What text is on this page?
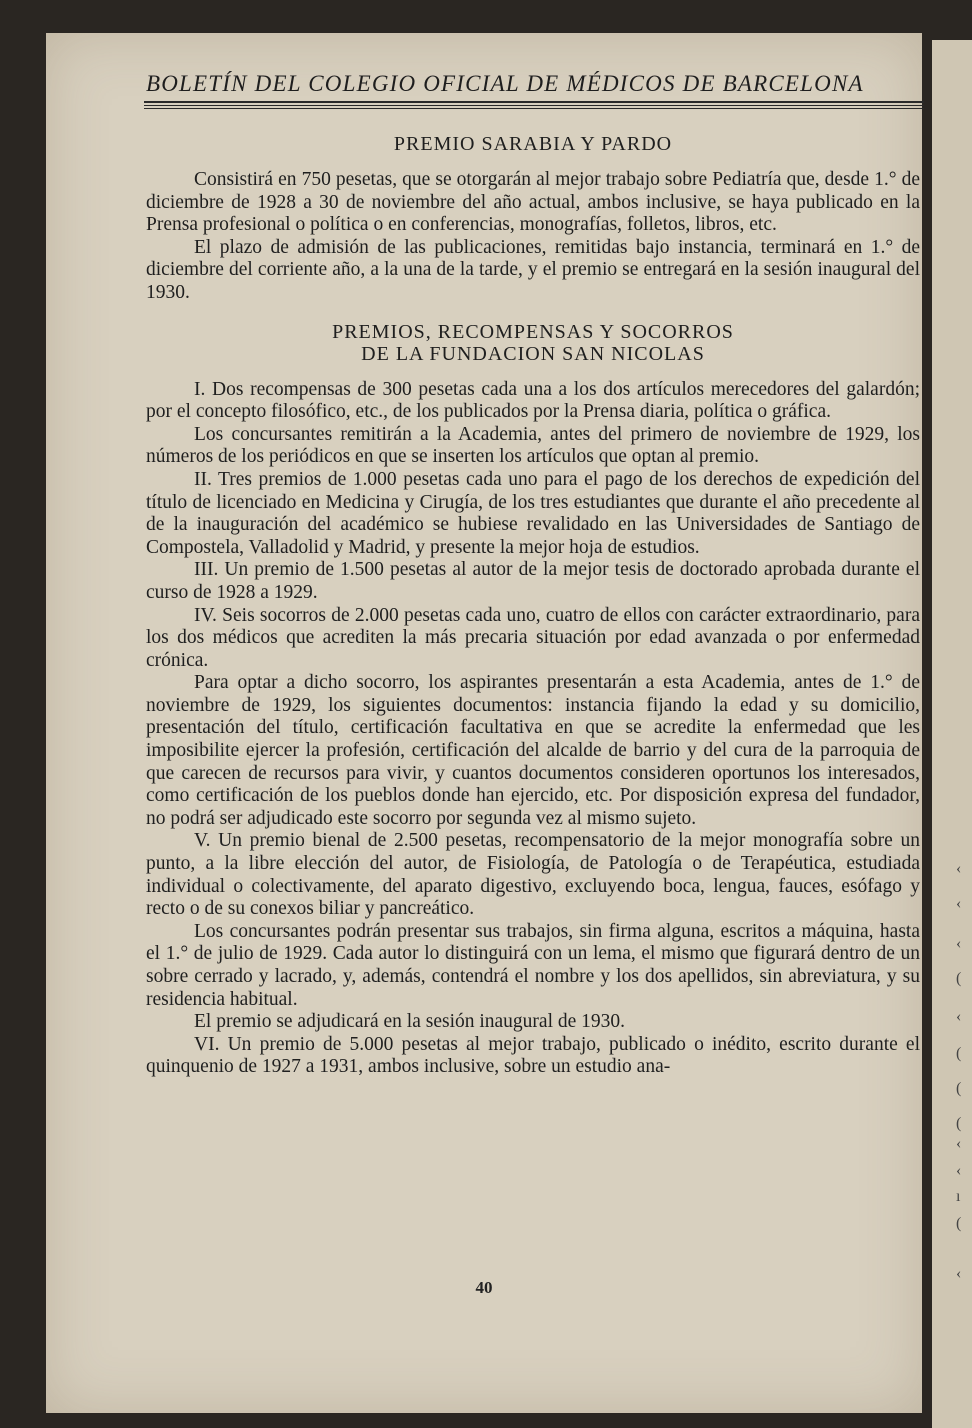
‹
‹
‹
(
‹
(
(
(
‹
‹
ı
(
‹
BOLETÍN DEL COLEGIO OFICIAL DE MÉDICOS DE BARCELONA
PREMIO SARABIA Y PARDO

Consistirá en 750 pesetas, que se otorgarán al mejor trabajo sobre Pediatría que, desde 1.° de diciembre de 1928 a 30 de noviembre del año actual, ambos inclusive, se haya publicado en la Prensa profesional o política o en conferencias, monografías, folletos, libros, etc.

El plazo de admisión de las publicaciones, remitidas bajo instancia, terminará en 1.° de diciembre del corriente año, a la una de la tarde, y el premio se entregará en la sesión inaugural del 1930.

PREMIOS, RECOMPENSAS Y SOCORROS
DE LA FUNDACION SAN NICOLAS

I. Dos recompensas de 300 pesetas cada una a los dos artículos merecedores del galardón; por el concepto filosófico, etc., de los publicados por la Prensa diaria, política o gráfica.

Los concursantes remitirán a la Academia, antes del primero de noviembre de 1929, los números de los periódicos en que se inserten los artículos que optan al premio.

II. Tres premios de 1.000 pesetas cada uno para el pago de los derechos de expedición del título de licenciado en Medicina y Cirugía, de los tres estudiantes que durante el año precedente al de la inauguración del académico se hubiese revalidado en las Universidades de Santiago de Compostela, Valladolid y Madrid, y presente la mejor hoja de estudios.

III. Un premio de 1.500 pesetas al autor de la mejor tesis de doctorado aprobada durante el curso de 1928 a 1929.

IV. Seis socorros de 2.000 pesetas cada uno, cuatro de ellos con carácter extraordinario, para los dos médicos que acrediten la más precaria situación por edad avanzada o por enfermedad crónica.

Para optar a dicho socorro, los aspirantes presentarán a esta Academia, antes de 1.° de noviembre de 1929, los siguientes documentos: instancia fijando la edad y su domicilio, presentación del título, certificación facultativa en que se acredite la enfermedad que les imposibilite ejercer la profesión, certificación del alcalde de barrio y del cura de la parroquia de que carecen de recursos para vivir, y cuantos documentos consideren oportunos los interesados, como certificación de los pueblos donde han ejercido, etc. Por disposición expresa del fundador, no podrá ser adjudicado este socorro por segunda vez al mismo sujeto.

V. Un premio bienal de 2.500 pesetas, recompensatorio de la mejor monografía sobre un punto, a la libre elección del autor, de Fisiología, de Patología o de Terapéutica, estudiada individual o colectivamente, del aparato digestivo, excluyendo boca, lengua, fauces, esófago y recto o de su conexos biliar y pancreático.

Los concursantes podrán presentar sus trabajos, sin firma alguna, escritos a máquina, hasta el 1.° de julio de 1929. Cada autor lo distinguirá con un lema, el mismo que figurará dentro de un sobre cerrado y lacrado, y, además, contendrá el nombre y los dos apellidos, sin abreviatura, y su residencia habitual.

El premio se adjudicará en la sesión inaugural de 1930.

VI. Un premio de 5.000 pesetas al mejor trabajo, publicado o inédito, escrito durante el quinquenio de 1927 a 1931, ambos inclusive, sobre un estudio ana-

40
